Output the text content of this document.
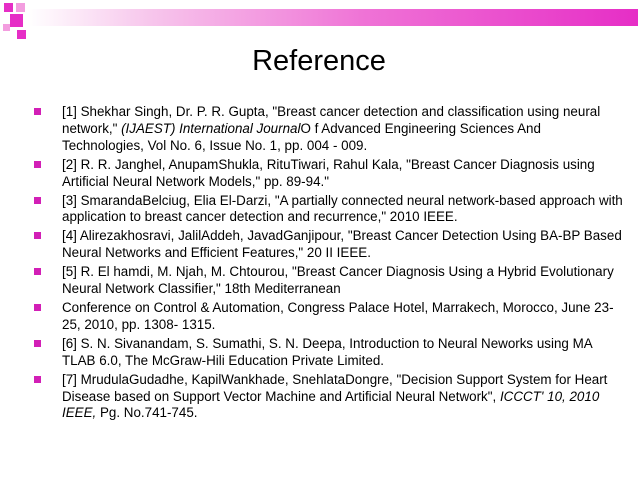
Reference
[1] Shekhar Singh, Dr. P. R. Gupta, "Breast cancer detection and classification using neural network," (IJAEST) International JournalO f Advanced Engineering Sciences And Technologies, Vol No. 6, Issue No. 1, pp. 004 - 009.
[2] R. R. Janghel, AnupamShukla, RituTiwari, Rahul Kala, "Breast Cancer Diagnosis using Artificial Neural Network Models," pp. 89-94."
[3] SmarandaBelciug, Elia El-Darzi, "A partially connected neural network-based approach with application to breast cancer detection and recurrence," 2010 IEEE.
[4] Alirezakhosravi, JalilAddeh, JavadGanjipour, "Breast Cancer Detection Using BA-BP Based Neural Networks and Efficient Features," 20 II IEEE.
[5] R. El hamdi, M. Njah, M. Chtourou, "Breast Cancer Diagnosis Using a Hybrid Evolutionary Neural Network Classifier," 18th Mediterranean
Conference on Control & Automation, Congress Palace Hotel, Marrakech, Morocco, June 23-25, 2010, pp. 1308- 1315.
[6] S. N. Sivanandam, S. Sumathi, S. N. Deepa, Introduction to Neural Neworks using MA TLAB 6.0, The McGraw-Hili Education Private Limited.
[7] MrudulaGudadhe, KapilWankhade, SnehlataDongre, "Decision Support System for Heart Disease based on Support Vector Machine and Artificial Neural Network", ICCCT' 10, 2010 IEEE, Pg. No.741-745.
